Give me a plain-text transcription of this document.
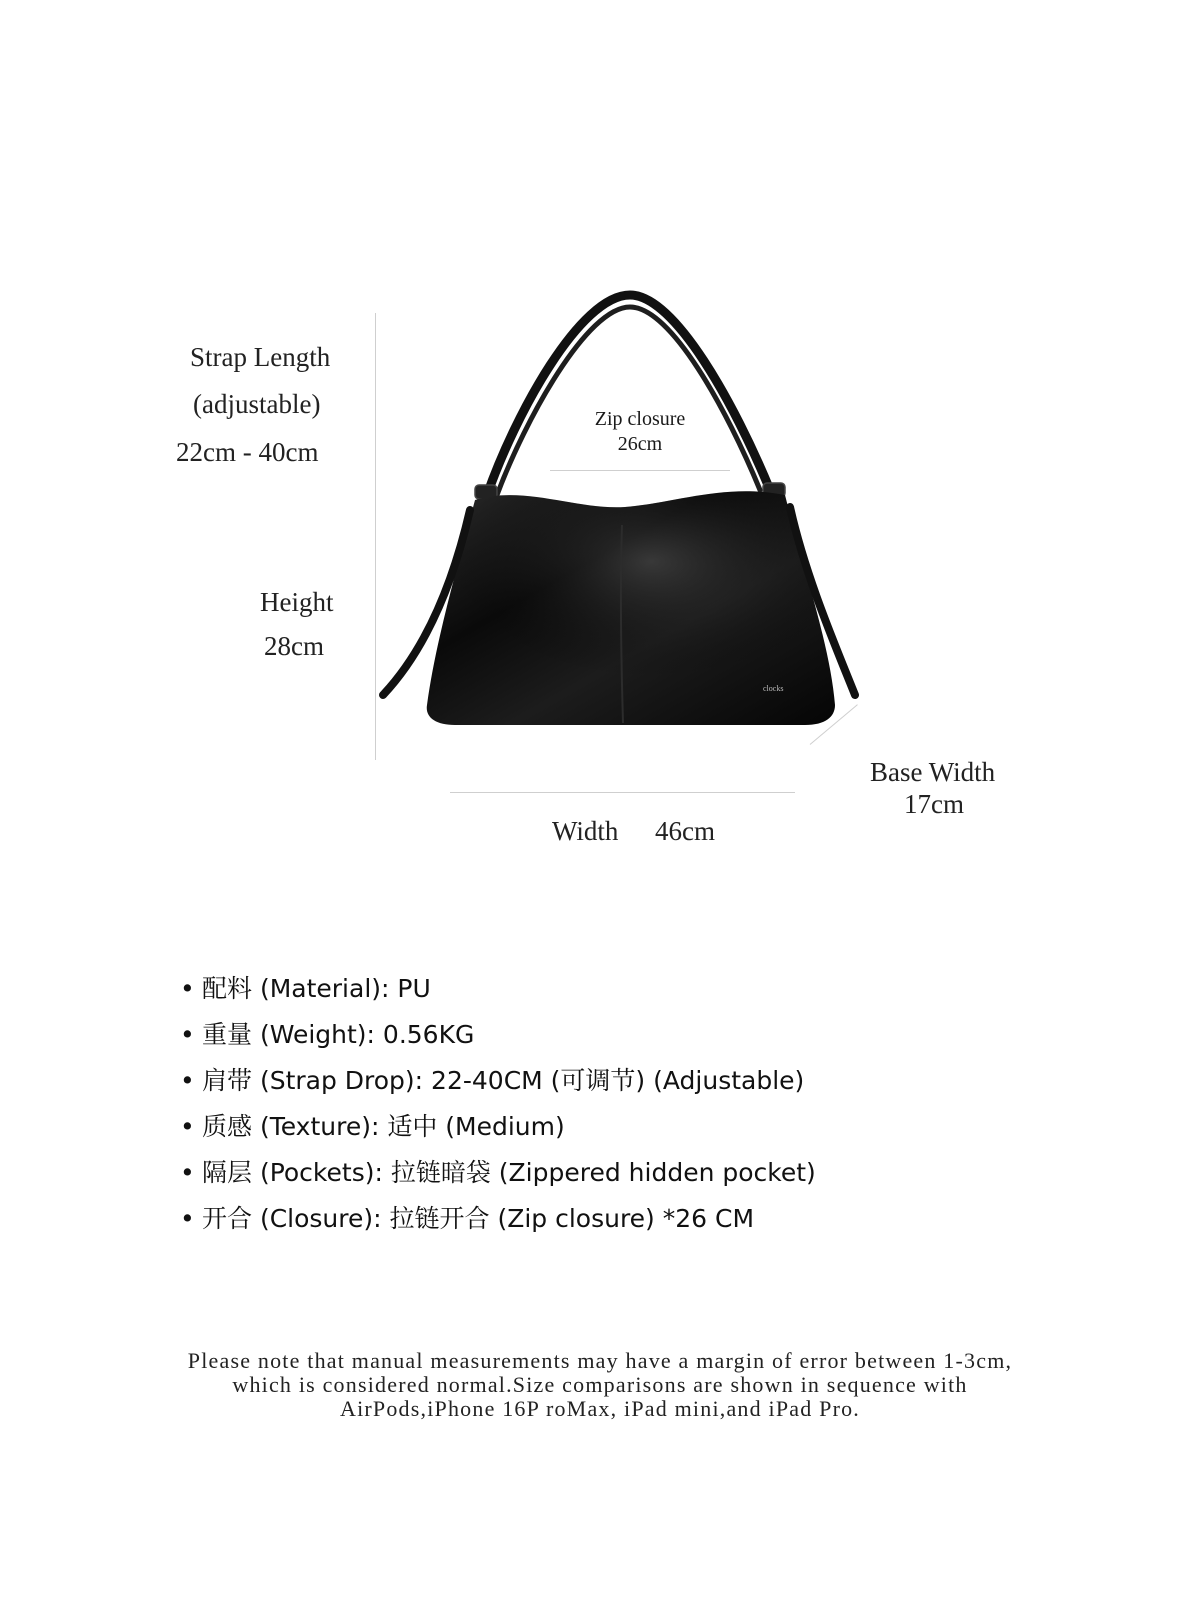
Strap Length
(adjustable)
22cm - 40cm
Height
28cm
Zip closure
26cm
clocks
Base Width
17cm
Width 46cm
• 配料 (Material): PU
• 重量 (Weight): 0.56KG
• 肩带 (Strap Drop): 22-40CM (可调节) (Adjustable)
• 质感 (Texture): 适中 (Medium)
• 隔层 (Pockets): 拉链暗袋 (Zippered hidden pocket)
• 开合 (Closure): 拉链开合 (Zip closure) *26 CM
Please note that manual measurements may have a margin of error between 1-3cm,
which is considered normal.Size comparisons are shown in sequence with
AirPods,iPhone 16P roMax, iPad mini,and iPad Pro.
